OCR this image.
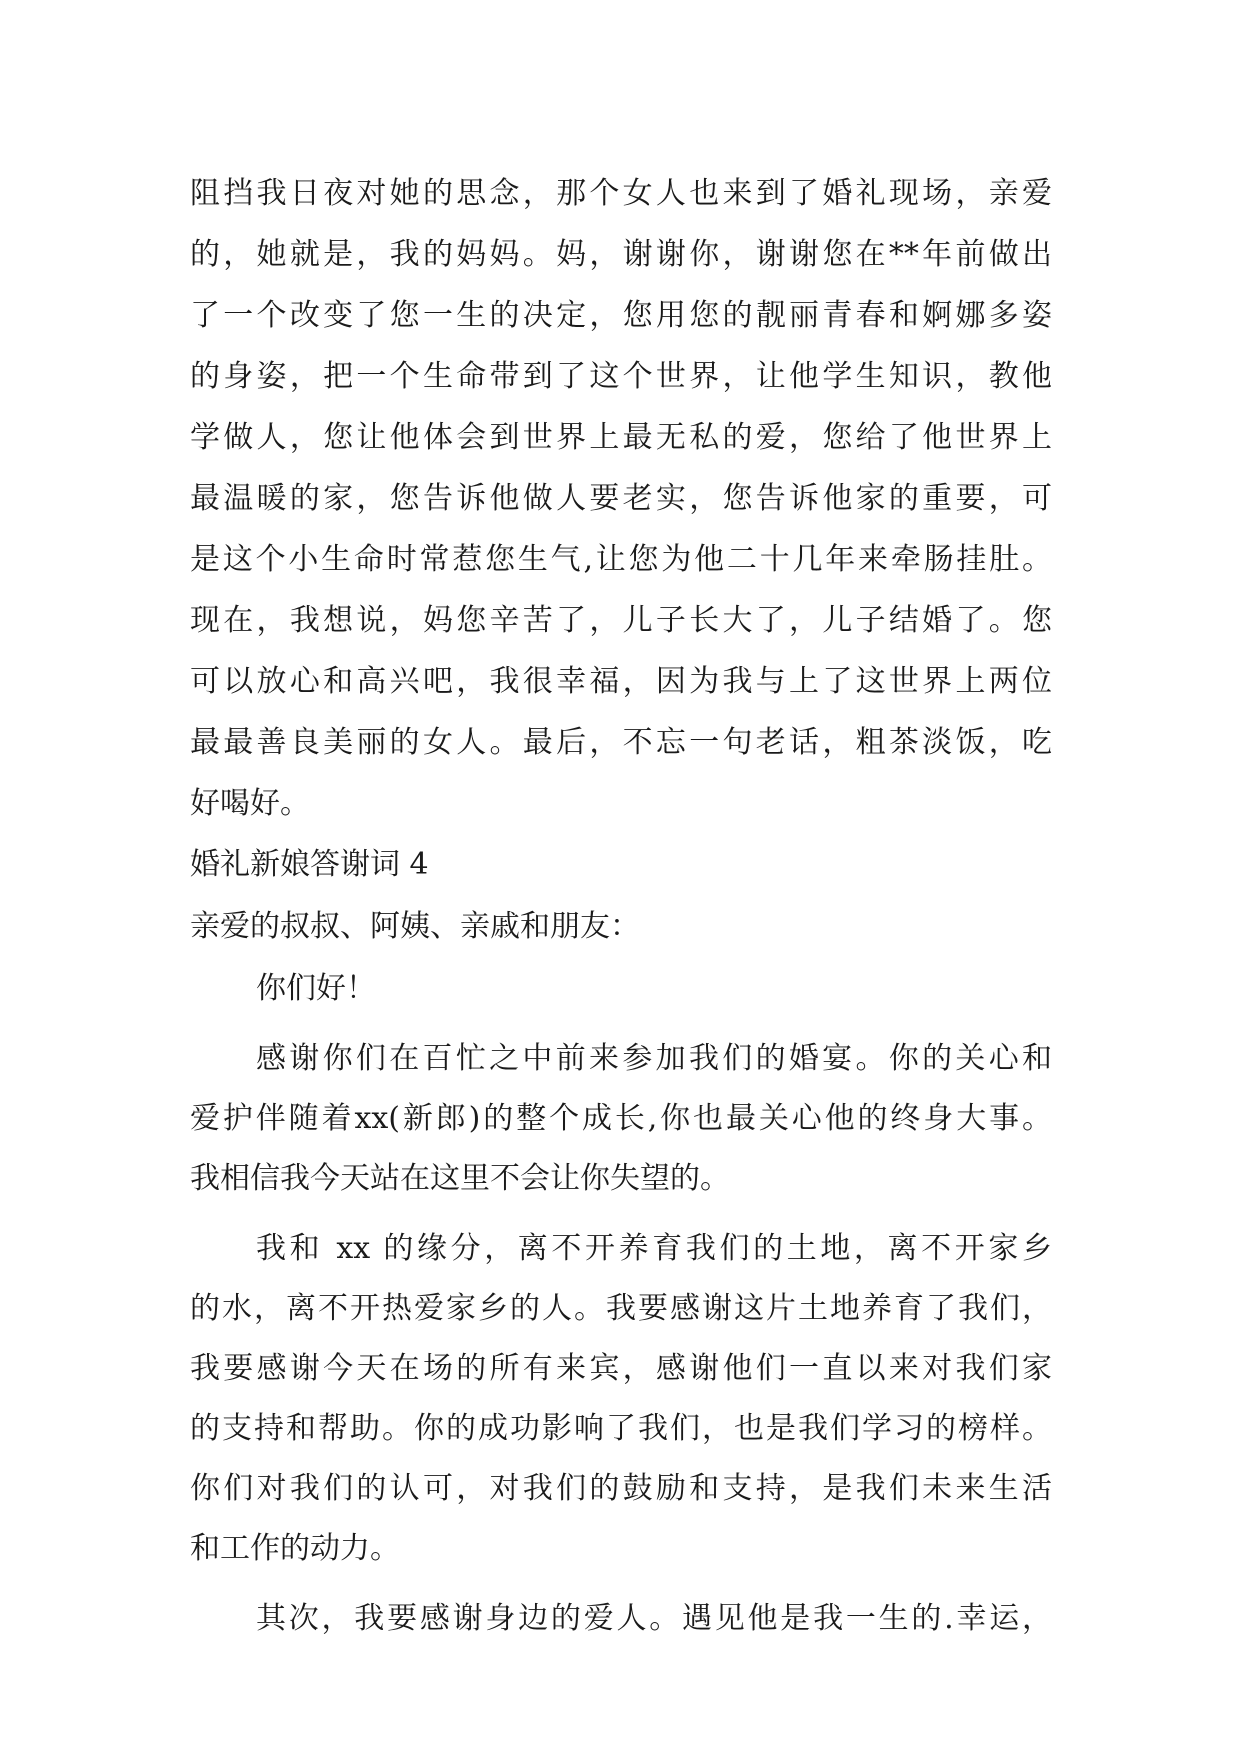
阻挡我日夜对她的思念，那个女人也来到了婚礼现场，亲爱
的，她就是，我的妈妈。妈，谢谢你，谢谢您在**年前做出
了一个改变了您一生的决定，您用您的靓丽青春和婀娜多姿
的身姿，把一个生命带到了这个世界，让他学生知识，教他
学做人，您让他体会到世界上最无私的爱，您给了他世界上
最温暖的家，您告诉他做人要老实，您告诉他家的重要，可
是这个小生命时常惹您生气,让您为他二十几年来牵肠挂肚。
现在，我想说，妈您辛苦了，儿子长大了，儿子结婚了。您
可以放心和高兴吧，我很幸福，因为我与上了这世界上两位
最最善良美丽的女人。最后，不忘一句老话，粗茶淡饭，吃
好喝好。
婚礼新娘答谢词 4
亲爱的叔叔、阿姨、亲戚和朋友：
你们好！
感谢你们在百忙之中前来参加我们的婚宴。你的关心和
爱护伴随着xx(新郎)的整个成长,你也最关心他的终身大事。
我相信我今天站在这里不会让你失望的。
我和 xx 的缘分，离不开养育我们的土地，离不开家乡
的水，离不开热爱家乡的人。我要感谢这片土地养育了我们，
我要感谢今天在场的所有来宾，感谢他们一直以来对我们家
的支持和帮助。你的成功影响了我们，也是我们学习的榜样。
你们对我们的认可，对我们的鼓励和支持，是我们未来生活
和工作的动力。
其次，我要感谢身边的爱人。遇见他是我一生的.幸运，
